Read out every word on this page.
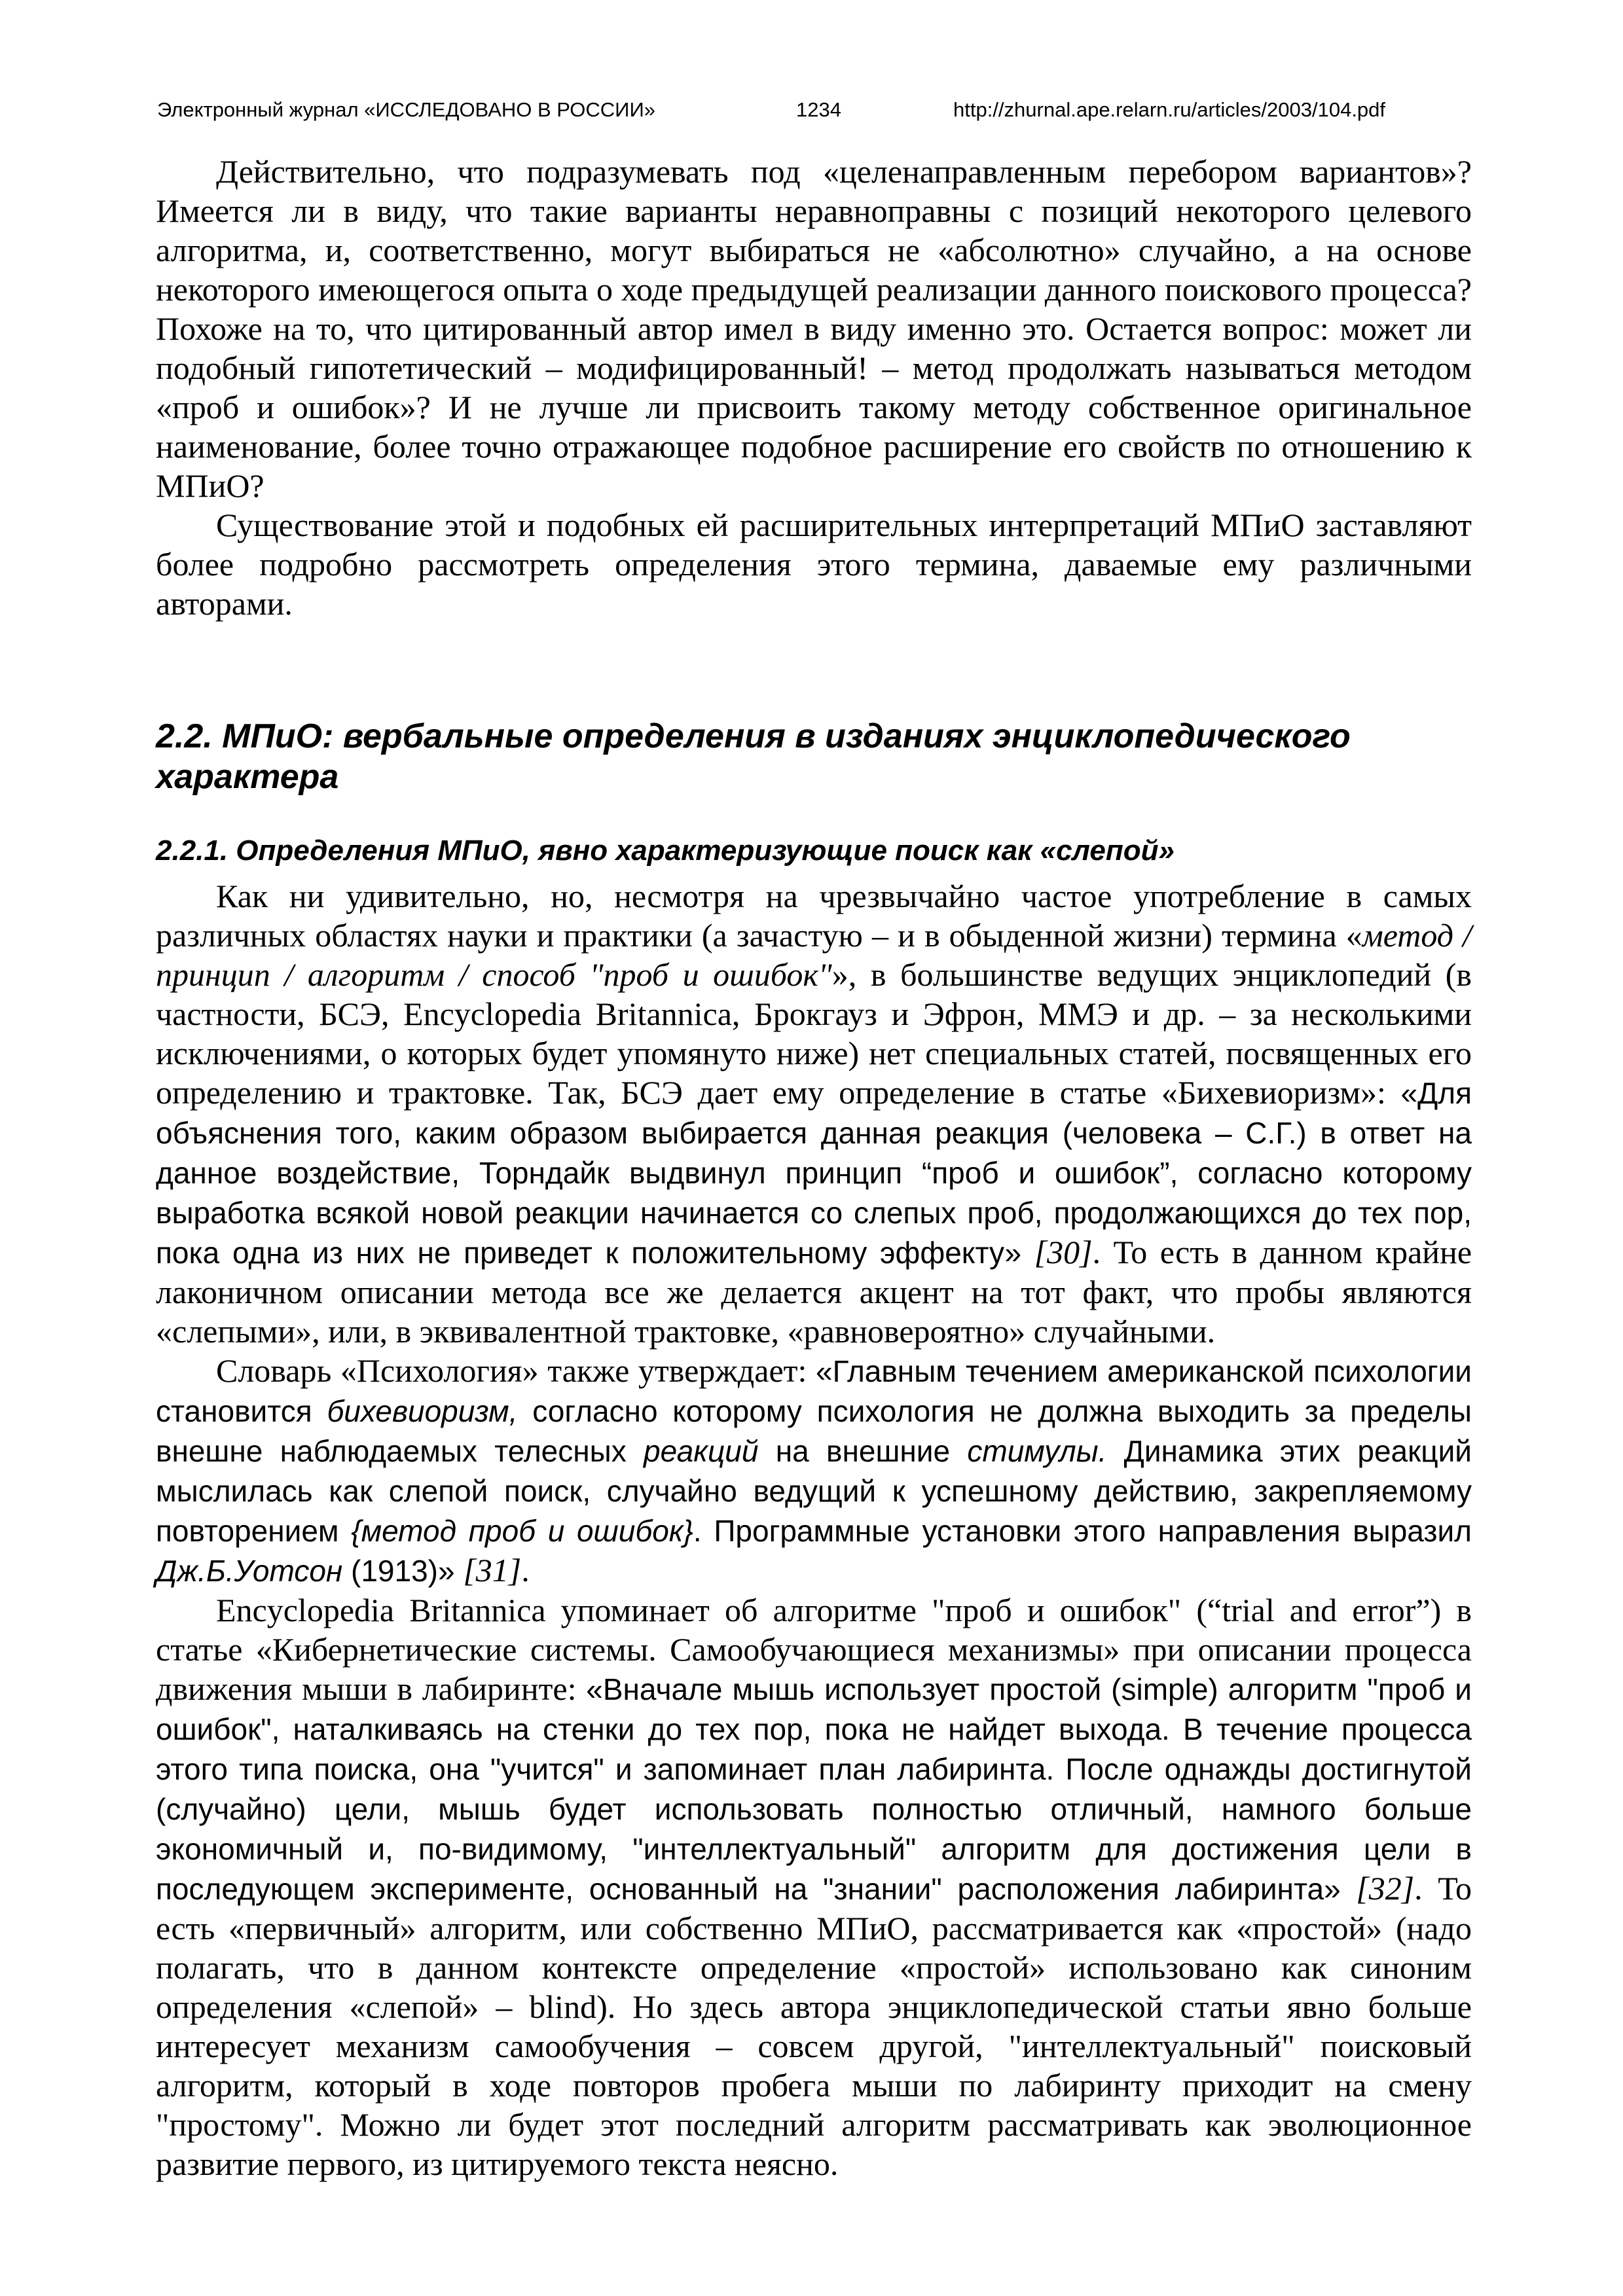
Электронный журнал «ИССЛЕДОВАНО В РОССИИ»	1234	http://zhurnal.ape.relarn.ru/articles/2003/104.pdf

Действительно, что подразумевать под «целенаправленным перебором вариантов»? Имеется ли в виду, что такие варианты неравноправны с позиций некоторого целевого алгоритма, и, соответственно, могут выбираться не «абсолютно» случайно, а на основе некоторого имеющегося опыта о ходе предыдущей реализации данного поискового процесса? Похоже на то, что цитированный автор имел в виду именно это. Остается вопрос: может ли подобный гипотетический – модифицированный! – метод продолжать называться методом «проб и ошибок»? И не лучше ли присвоить такому методу собственное оригинальное наименование, более точно отражающее подобное расширение его свойств по отношению к МПиО?

Существование этой и подобных ей расширительных интерпретаций МПиО заставляют более подробно рассмотреть определения этого термина, даваемые ему различными авторами.

2.2. МПиО: вербальные определения в изданиях энциклопедического характера
2.2.1. Определения МПиО, явно характеризующие поиск как «слепой»

Как ни удивительно, но, несмотря на чрезвычайно частое употребление в самых различных областях науки и практики (а зачастую – и в обыденной жизни) термина «метод / принцип / алгоритм / способ "проб и ошибок"», в большинстве ведущих энциклопедий (в частности, БСЭ, Encyclopedia Britannica, Брокгауз и Эфрон, ММЭ и др. – за несколькими исключениями, о которых будет упомянуто ниже) нет специальных статей, посвященных его определению и трактовке. Так, БСЭ дает ему определение в статье «Бихевиоризм»: «Для объяснения того, каким образом выбирается данная реакция (человека – С.Г.) в ответ на данное воздействие, Торндайк выдвинул принцип “проб и ошибок”, согласно которому выработка всякой новой реакции начинается со слепых проб, продолжающихся до тех пор, пока одна из них не приведет к положительному эффекту» [30]. То есть в данном крайне лаконичном описании метода все же делается акцент на тот факт, что пробы являются «слепыми», или, в эквивалентной трактовке, «равновероятно» случайными.

Словарь «Психология» также утверждает: «Главным течением американской психологии становится бихевиоризм, согласно которому психология не должна выходить за пределы внешне наблюдаемых телесных реакций на внешние стимулы. Динамика этих реакций мыслилась как слепой поиск, случайно ведущий к успешному действию, закрепляемому повторением {метод проб и ошибок}. Программные установки этого направления выразил Дж.Б.Уотсон (1913)» [31].

Encyclopedia Britannica упоминает об алгоритме "проб и ошибок" (“trial and error”) в статье «Кибернетические системы. Самообучающиеся механизмы» при описании процесса движения мыши в лабиринте: «Вначале мышь использует простой (simple) алгоритм "проб и ошибок", наталкиваясь на стенки до тех пор, пока не найдет выхода. В течение процесса этого типа поиска, она "учится" и запоминает план лабиринта. После однажды достигнутой (случайно) цели, мышь будет использовать полностью отличный, намного больше экономичный и, по-видимому, "интеллектуальный" алгоритм для достижения цели в последующем эксперименте, основанный на "знании" расположения лабиринта» [32]. То есть «первичный» алгоритм, или собственно МПиО, рассматривается как «простой» (надо полагать, что в данном контексте определение «простой» использовано как синоним определения «слепой» – blind). Но здесь автора энциклопедической статьи явно больше интересует механизм самообучения – совсем другой, "интеллектуальный" поисковый алгоритм, который в ходе повторов пробега мыши по лабиринту приходит на смену "простому". Можно ли будет этот последний алгоритм рассматривать как эволюционное развитие первого, из цитируемого текста неясно.
